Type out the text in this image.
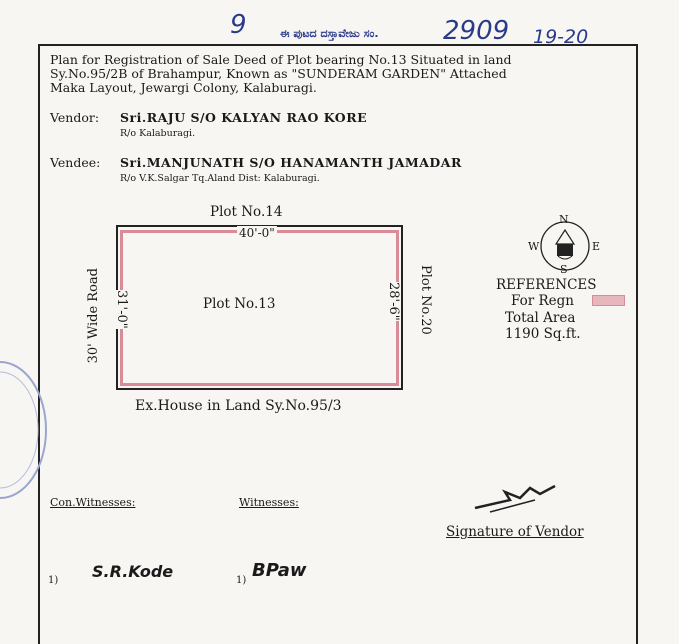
9	ಈ ಪುಟದ ದಸ್ತಾವೇಜು ಸಂ. 2909 19-20
Plan for Registration of Sale Deed of Plot bearing No.13 Situated in land
Sy.No.95/2B of Brahampur, Known as "SUNDERAM GARDEN" Attached
Maka Layout, Jewargi Colony, Kalaburagi.
Vendor: Sri.RAJU S/O KALYAN RAO KORE
R/o Kalaburagi.
Vendee: Sri.MANJUNATH S/O HANAMANTH JAMADAR
R/o V.K.Salgar Tq.Aland Dist: Kalaburagi.
Plot No.14
40'-0"
Plot No.13
31'-0"	28'-6"
30' Wide Road	Plot No.20
Ex.House in Land Sy.No.95/3
N
S
E
W
REFERENCES
For Regn
Total Area
1190 Sq.ft.
Con.Witnesses:	Witnesses:
Signature of Vendor
1) S.R.Kode	1) BPaw
